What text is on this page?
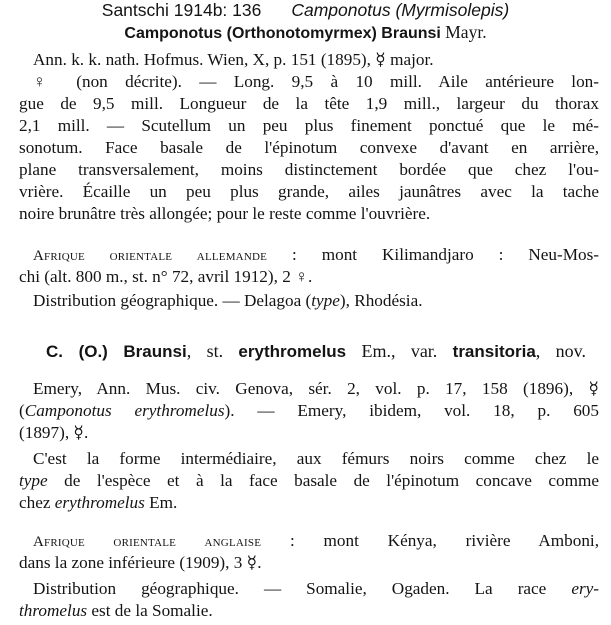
Santschi 1914b: 136 Camponotus (Myrmisolepis)
Camponotus (Orthonotomyrmex) Braunsi Mayr.
Ann. k. k. nath. Hofmus. Wien, X, p. 151 (1895), ☿ major.
♀ (non décrite). — Long. 9,5 à 10 mill. Aile antérieure lon-
gue de 9,5 mill. Longueur de la tête 1,9 mill., largeur du thorax
2,1 mill. — Scutellum un peu plus finement ponctué que le mé-
sonotum. Face basale de l'épinotum convexe d'avant en arrière,
plane transversalement, moins distinctement bordée que chez l'ou-
vrière. Écaille un peu plus grande, ailes jaunâtres avec la tache
noire brunâtre très allongée; pour le reste comme l'ouvrière.
Afrique orientale allemande : mont Kilimandjaro : Neu-Mos-
chi (alt. 800 m., st. n° 72, avril 1912), 2 ♀.
Distribution géographique. — Delagoa (type), Rhodésia.
C. (O.) Braunsi, st. erythromelus Em., var. transitoria, nov.
Emery, Ann. Mus. civ. Genova, sér. 2, vol. p. 17, 158 (1896), ☿
(Camponotus erythromelus). — Emery, ibidem, vol. 18, p. 605
(1897), ☿.
C'est la forme intermédiaire, aux fémurs noirs comme chez le
type de l'espèce et à la face basale de l'épinotum concave comme
chez erythromelus Em.
Afrique orientale anglaise : mont Kénya, rivière Amboni,
dans la zone inférieure (1909), 3 ☿.
Distribution géographique. — Somalie, Ogaden. La race ery-
thromelus est de la Somalie.
